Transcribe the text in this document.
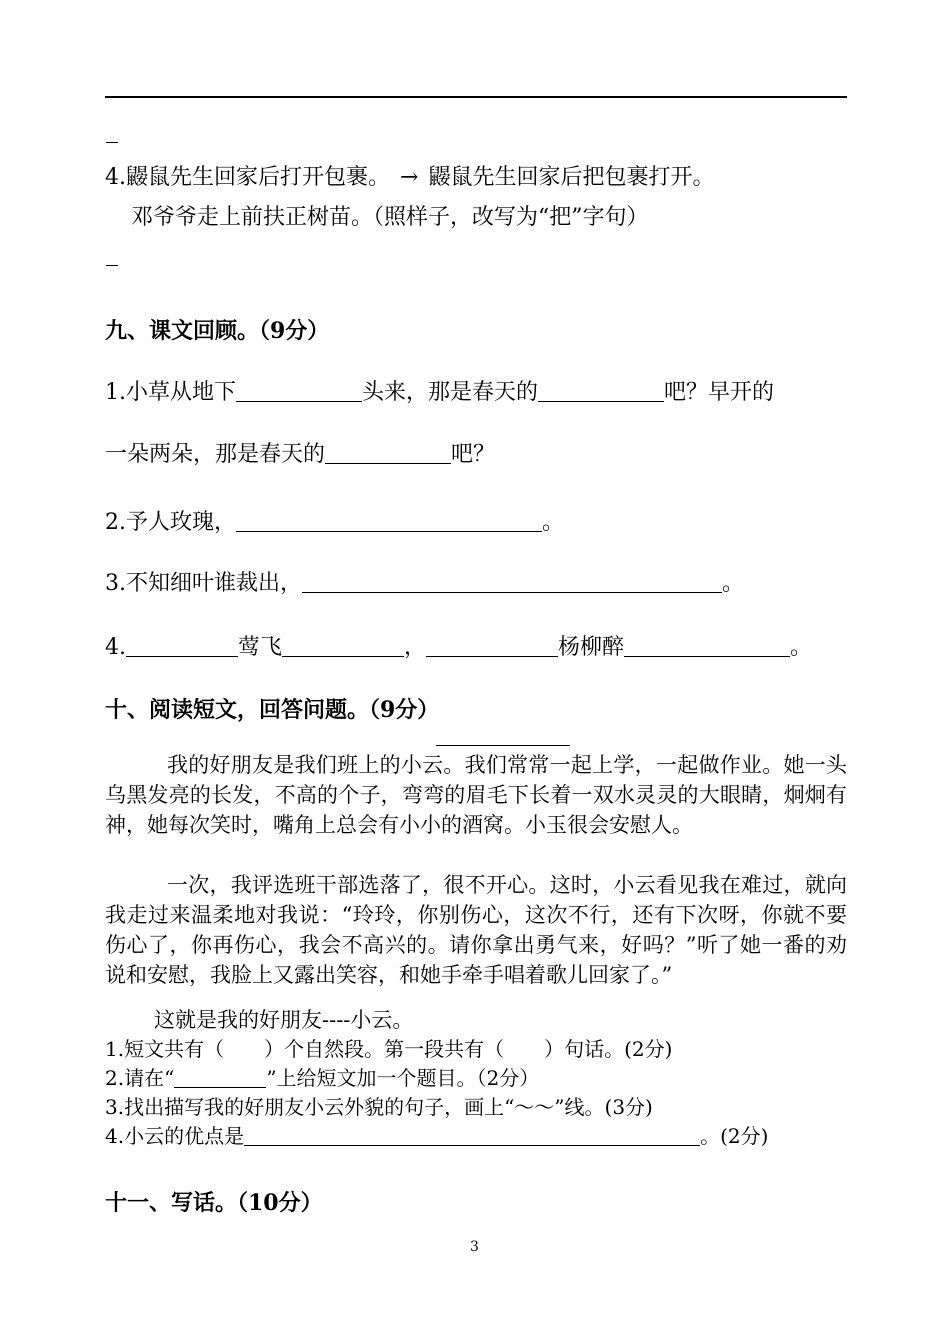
4.鼹鼠先生回家后打开包裹。 → 鼹鼠先生回家后把包裹打开。
邓爷爷走上前扶正树苗。（照样子，改写为“把”字句）
九、课文回顾。（9分）
1.小草从地下	头来，那是春天的	吧？早开的
一朵两朵，那是春天的	吧？
2.予人玫瑰，	。
3.不知细叶谁裁出，	。
4.	莺飞	，	杨柳醉	。
十、阅读短文，回答问题。（9分）
我的好朋友是我们班上的小云。我们常常一起上学，一起做作业。她一头乌黑发亮的长发，不高的个子，弯弯的眉毛下长着一双水灵灵的大眼睛，炯炯有神，她每次笑时，嘴角上总会有小小的酒窝。小玉很会安慰人。
一次，我评选班干部选落了，很不开心。这时，小云看见我在难过，就向我走过来温柔地对我说：“玲玲，你别伤心，这次不行，还有下次呀，你就不要伤心了，你再伤心，我会不高兴的。请你拿出勇气来，好吗？”听了她一番的劝说和安慰，我脸上又露出笑容，和她手牵手唱着歌儿回家了。”
这就是我的好朋友----小云。
1.短文共有（　　）个自然段。第一段共有（　　）句话。(2分)
2.请在“	”上给短文加一个题目。（2分）
3.找出描写我的好朋友小云外貌的句子，画上“～～”线。(3分)
4.小云的优点是	。(2分)
十一、写话。（10分）
3
